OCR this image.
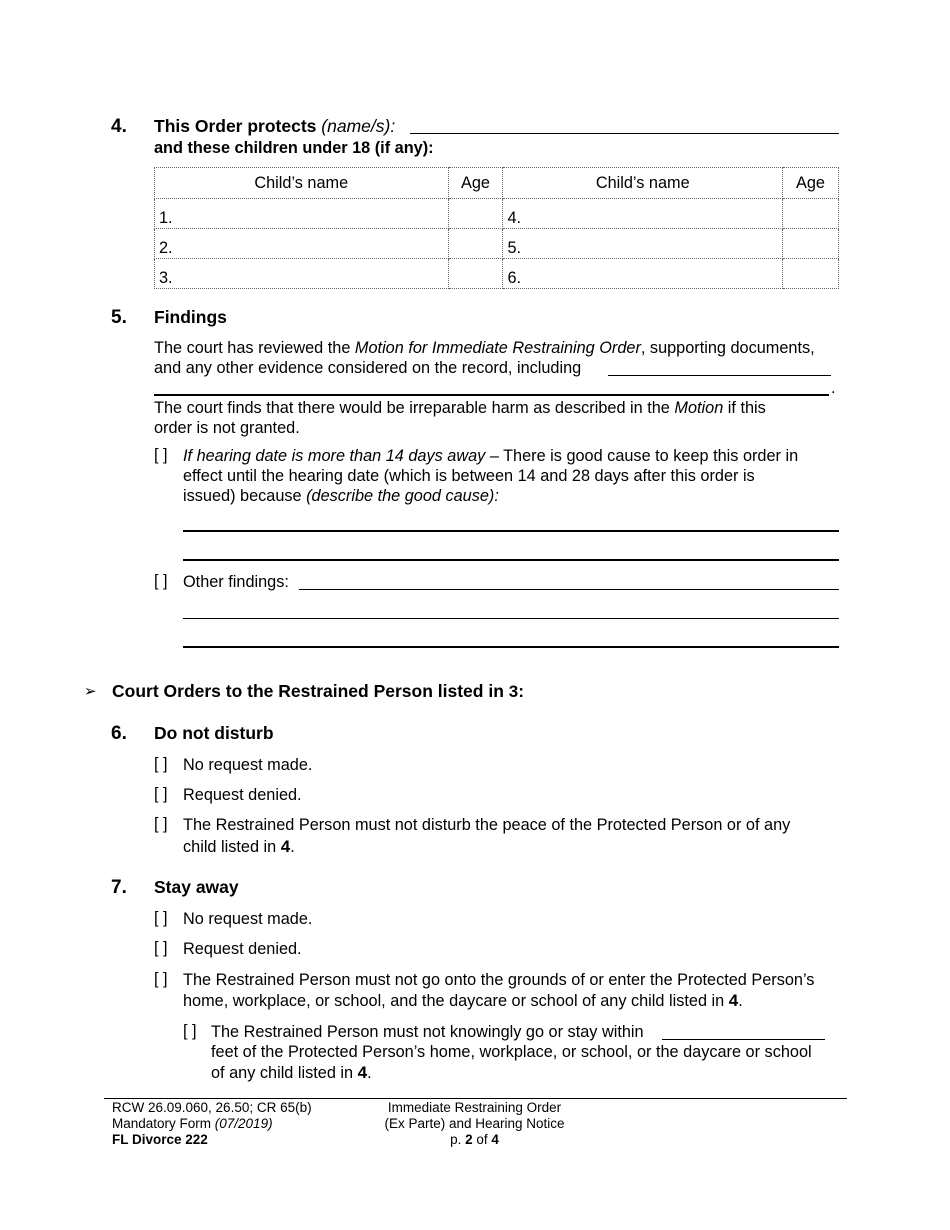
4. This Order protects (name/s):
and these children under 18 (if any):
Child’s name	Age	Child’s name	Age
1.		4.	
2.		5.	
3.		6.	
5. Findings
The court has reviewed the Motion for Immediate Restraining Order, supporting documents,
and any other evidence considered on the record, including
.
The court finds that there would be irreparable harm as described in the Motion if this
order is not granted.
[ ] If hearing date is more than 14 days away – There is good cause to keep this order in
effect until the hearing date (which is between 14 and 28 days after this order is
issued) because (describe the good cause):
[ ] Other findings:
➢ Court Orders to the Restrained Person listed in 3:
6. Do not disturb
[ ] No request made.
[ ] Request denied.
[ ] The Restrained Person must not disturb the peace of the Protected Person or of any
child listed in 4.
7. Stay away
[ ] No request made.
[ ] Request denied.
[ ] The Restrained Person must not go onto the grounds of or enter the Protected Person’s
home, workplace, or school, and the daycare or school of any child listed in 4.
[ ] The Restrained Person must not knowingly go or stay within
feet of the Protected Person’s home, workplace, or school, or the daycare or school
of any child listed in 4.
RCW 26.09.060, 26.50; CR 65(b)
Mandatory Form (07/2019)
FL Divorce 222
Immediate Restraining Order
(Ex Parte) and Hearing Notice
p. 2 of 4
